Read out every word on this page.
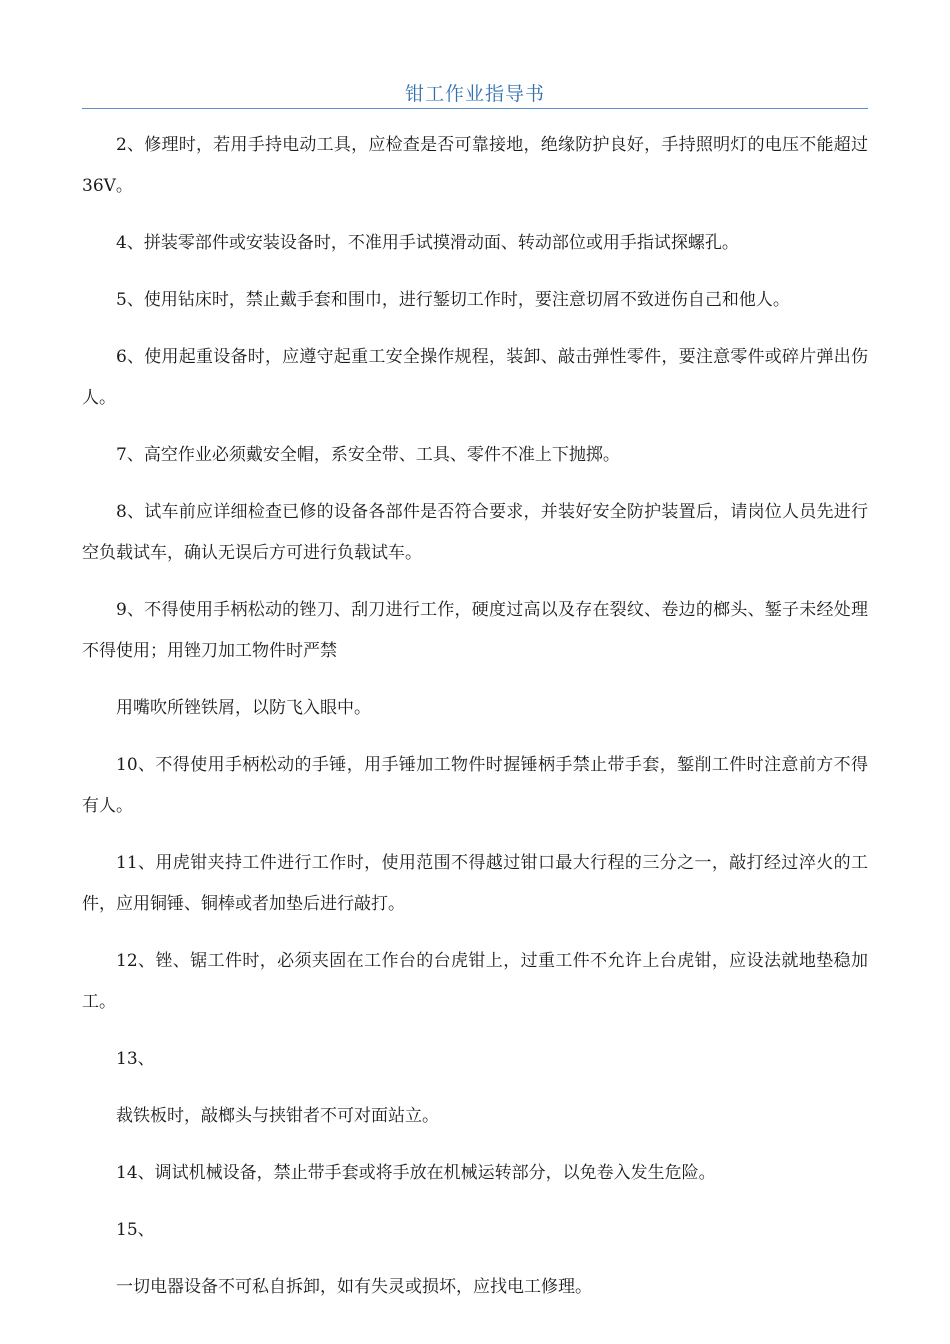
钳工作业指导书

2、修理时，若用手持电动工具，应检查是否可靠接地，绝缘防护良好，手持照明灯的电压不能超过36V。

4、拼装零部件或安装设备时，不准用手试摸滑动面、转动部位或用手指试探螺孔。

5、使用钻床时，禁止戴手套和围巾，进行錾切工作时，要注意切屑不致迸伤自己和他人。

6、使用起重设备时，应遵守起重工安全操作规程，装卸、敲击弹性零件，要注意零件或碎片弹出伤人。

7、高空作业必须戴安全帽，系安全带、工具、零件不准上下抛掷。

8、试车前应详细检查已修的设备各部件是否符合要求，并装好安全防护装置后，请岗位人员先进行空负载试车，确认无误后方可进行负载试车。

9、不得使用手柄松动的锉刀、刮刀进行工作，硬度过高以及存在裂纹、卷边的榔头、錾子未经处理不得使用；用锉刀加工物件时严禁

用嘴吹所锉铁屑，以防飞入眼中。

10、不得使用手柄松动的手锤，用手锤加工物件时握锤柄手禁止带手套，錾削工件时注意前方不得有人。

11、用虎钳夹持工件进行工作时，使用范围不得越过钳口最大行程的三分之一，敲打经过淬火的工件，应用铜锤、铜棒或者加垫后进行敲打。

12、锉、锯工件时，必须夹固在工作台的台虎钳上，过重工件不允许上台虎钳，应设法就地垫稳加工。

13、

裁铁板时，敲榔头与挟钳者不可对面站立。

14、调试机械设备，禁止带手套或将手放在机械运转部分，以免卷入发生危险。

15、

一切电器设备不可私自拆卸，如有失灵或损坏，应找电工修理。
